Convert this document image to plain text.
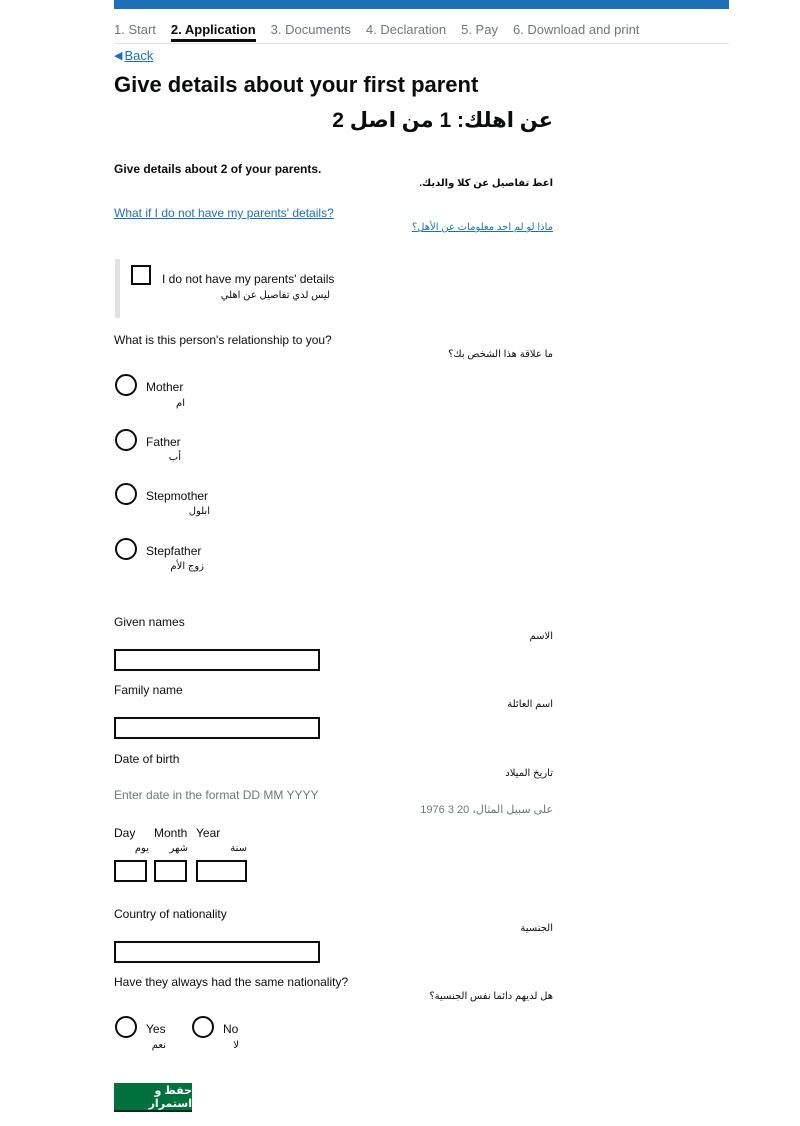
1. Start 2. Application 3. Documents 4. Declaration 5. Pay 6. Download and print
◀ Back
Give details about your first parent
عن اهلك: 1 من اصل 2
Give details about 2 of your parents.
اعط تفاصيل عن كلا والديك.
What if I do not have my parents' details?
ماذا لو لم اجد معلومات عن الأهل؟
I do not have my parents' details
ليس لدي تفاصيل عن اهلي
What is this person's relationship to you?
ما علاقة هذا الشخص بك؟
Mother
ام
Father
أب
Stepmother
ابلول
Stepfather
زوج الأم
Given names
الاسم
Family name
اسم العائلة
Date of birth
تاريخ الميلاد
Enter date in the format DD MM YYYY
على سبيل المثال، 20 3 1976
Day Month Year
يوم	شهر	سنة
Country of nationality
الجنسية
Have they always had the same nationality?
هل لديهم دائما نفس الجنسية؟
Yes
نعم
No
لا
حفظ و استمرار
